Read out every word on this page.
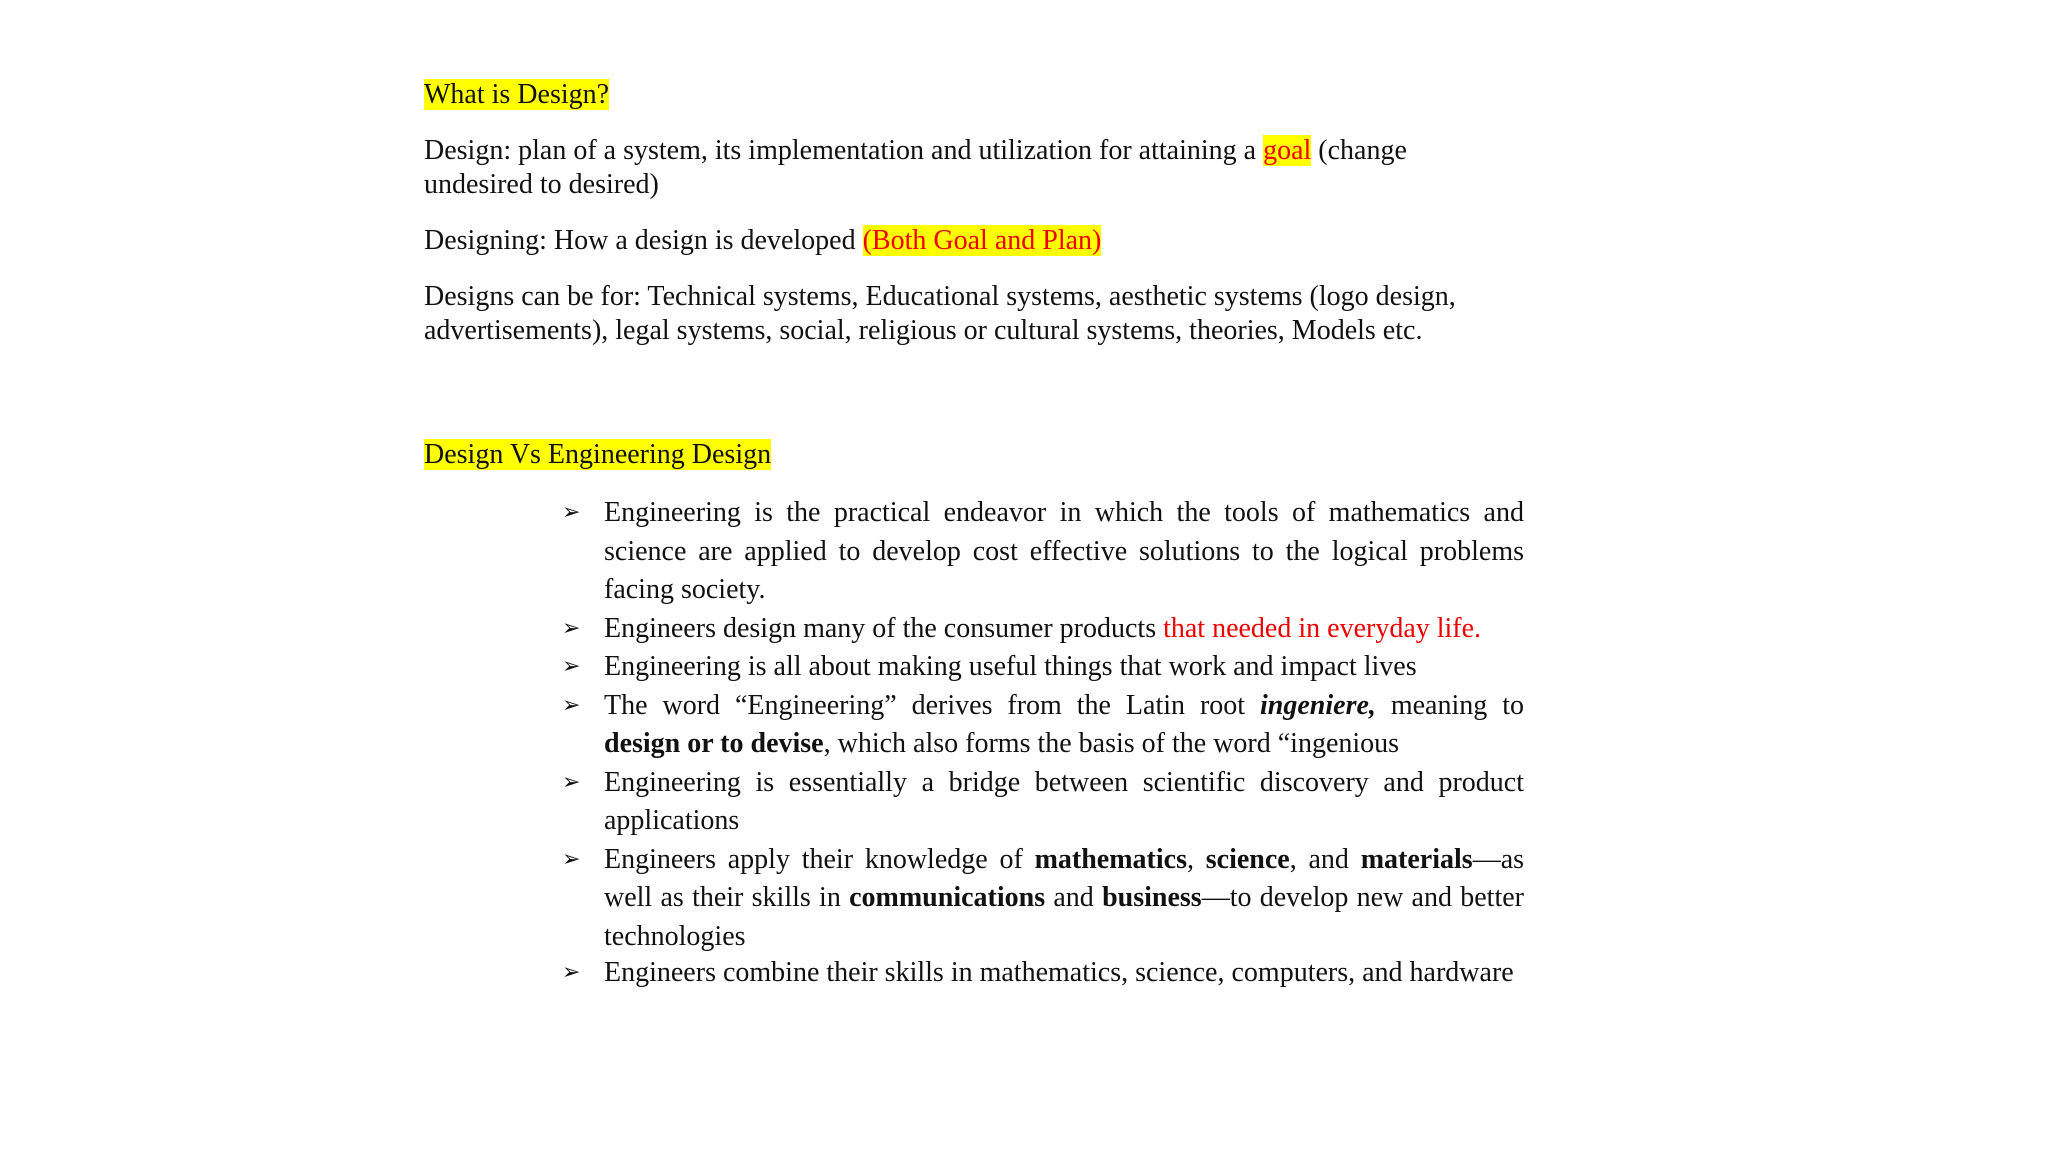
What is Design?

Design: plan of a system, its implementation and utilization for attaining a goal (change undesired to desired)

Designing: How a design is developed (Both Goal and Plan)

Designs can be for: Technical systems, Educational systems, aesthetic systems (logo design, advertisements), legal systems, social, religious or cultural systems, theories, Models etc.

Design Vs Engineering Design
➢ Engineering is the practical endeavor in which the tools of mathematics and science are applied to develop cost effective solutions to the logical problems facing society.
➢ Engineers design many of the consumer products that needed in everyday life.
➢ Engineering is all about making useful things that work and impact lives
➢ The word “Engineering” derives from the Latin root ingeniere, meaning to design or to devise, which also forms the basis of the word “ingenious
➢ Engineering is essentially a bridge between scientific discovery and product applications
➢ Engineers apply their knowledge of mathematics, science, and materials—as well as their skills in communications and business—to develop new and better technologies
➢ Engineers combine their skills in mathematics, science, computers, and hardware
